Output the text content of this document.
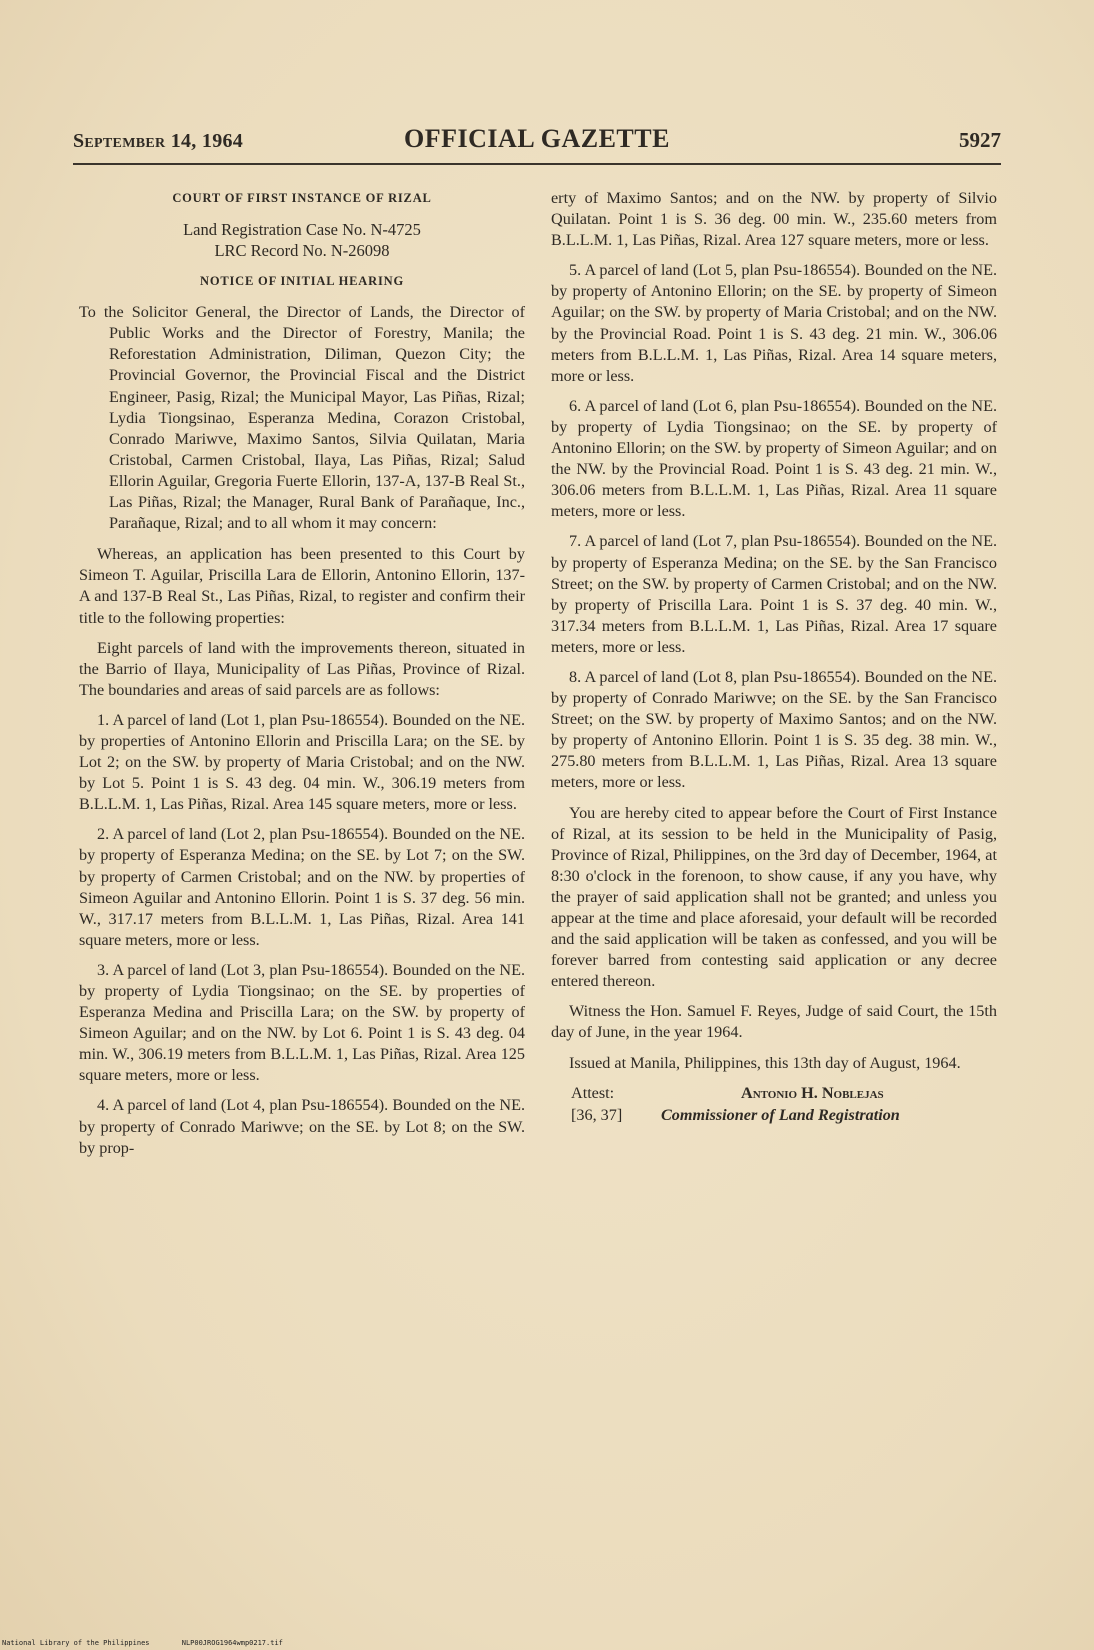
September 14, 1964	OFFICIAL GAZETTE	5927
COURT OF FIRST INSTANCE OF RIZAL
Land Registration Case No. N-4725
LRC Record No. N-26098
NOTICE OF INITIAL HEARING
To the Solicitor General, the Director of Lands, the Director of Public Works and the Director of Forestry, Manila; the Reforestation Administration, Diliman, Quezon City; the Provincial Governor, the Provincial Fiscal and the District Engineer, Pasig, Rizal; the Municipal Mayor, Las Piñas, Rizal; Lydia Tiongsinao, Esperanza Medina, Corazon Cristobal, Conrado Mariwve, Maximo Santos, Silvia Quilatan, Maria Cristobal, Carmen Cristobal, Ilaya, Las Piñas, Rizal; Salud Ellorin Aguilar, Gregoria Fuerte Ellorin, 137-A, 137-B Real St., Las Piñas, Rizal; the Manager, Rural Bank of Parañaque, Inc., Parañaque, Rizal; and to all whom it may concern:

Whereas, an application has been presented to this Court by Simeon T. Aguilar, Priscilla Lara de Ellorin, Antonino Ellorin, 137-A and 137-B Real St., Las Piñas, Rizal, to register and confirm their title to the following properties:

Eight parcels of land with the improvements thereon, situated in the Barrio of Ilaya, Municipality of Las Piñas, Province of Rizal. The boundaries and areas of said parcels are as follows:

1. A parcel of land (Lot 1, plan Psu-186554). Bounded on the NE. by properties of Antonino Ellorin and Priscilla Lara; on the SE. by Lot 2; on the SW. by property of Maria Cristobal; and on the NW. by Lot 5. Point 1 is S. 43 deg. 04 min. W., 306.19 meters from B.L.L.M. 1, Las Piñas, Rizal. Area 145 square meters, more or less.

2. A parcel of land (Lot 2, plan Psu-186554). Bounded on the NE. by property of Esperanza Medina; on the SE. by Lot 7; on the SW. by property of Carmen Cristobal; and on the NW. by properties of Simeon Aguilar and Antonino Ellorin. Point 1 is S. 37 deg. 56 min. W., 317.17 meters from B.L.L.M. 1, Las Piñas, Rizal. Area 141 square meters, more or less.

3. A parcel of land (Lot 3, plan Psu-186554). Bounded on the NE. by property of Lydia Tiongsinao; on the SE. by properties of Esperanza Medina and Priscilla Lara; on the SW. by property of Simeon Aguilar; and on the NW. by Lot 6. Point 1 is S. 43 deg. 04 min. W., 306.19 meters from B.L.L.M. 1, Las Piñas, Rizal. Area 125 square meters, more or less.

4. A parcel of land (Lot 4, plan Psu-186554). Bounded on the NE. by property of Conrado Mariwve; on the SE. by Lot 8; on the SW. by prop-

erty of Maximo Santos; and on the NW. by property of Silvio Quilatan. Point 1 is S. 36 deg. 00 min. W., 235.60 meters from B.L.L.M. 1, Las Piñas, Rizal. Area 127 square meters, more or less.

5. A parcel of land (Lot 5, plan Psu-186554). Bounded on the NE. by property of Antonino Ellorin; on the SE. by property of Simeon Aguilar; on the SW. by property of Maria Cristobal; and on the NW. by the Provincial Road. Point 1 is S. 43 deg. 21 min. W., 306.06 meters from B.L.L.M. 1, Las Piñas, Rizal. Area 14 square meters, more or less.

6. A parcel of land (Lot 6, plan Psu-186554). Bounded on the NE. by property of Lydia Tiongsinao; on the SE. by property of Antonino Ellorin; on the SW. by property of Simeon Aguilar; and on the NW. by the Provincial Road. Point 1 is S. 43 deg. 21 min. W., 306.06 meters from B.L.L.M. 1, Las Piñas, Rizal. Area 11 square meters, more or less.

7. A parcel of land (Lot 7, plan Psu-186554). Bounded on the NE. by property of Esperanza Medina; on the SE. by the San Francisco Street; on the SW. by property of Carmen Cristobal; and on the NW. by property of Priscilla Lara. Point 1 is S. 37 deg. 40 min. W., 317.34 meters from B.L.L.M. 1, Las Piñas, Rizal. Area 17 square meters, more or less.

8. A parcel of land (Lot 8, plan Psu-186554). Bounded on the NE. by property of Conrado Mariwve; on the SE. by the San Francisco Street; on the SW. by property of Maximo Santos; and on the NW. by property of Antonino Ellorin. Point 1 is S. 35 deg. 38 min. W., 275.80 meters from B.L.L.M. 1, Las Piñas, Rizal. Area 13 square meters, more or less.

You are hereby cited to appear before the Court of First Instance of Rizal, at its session to be held in the Municipality of Pasig, Province of Rizal, Philippines, on the 3rd day of December, 1964, at 8:30 o'clock in the forenoon, to show cause, if any you have, why the prayer of said application shall not be granted; and unless you appear at the time and place aforesaid, your default will be recorded and the said application will be taken as confessed, and you will be forever barred from contesting said application or any decree entered thereon.

Witness the Hon. Samuel F. Reyes, Judge of said Court, the 15th day of June, in the year 1964.

Issued at Manila, Philippines, this 13th day of August, 1964.

Attest:	Antonio H. Noblejas
[36, 37] Commissioner of Land Registration
National Library of the Philippines	NLP00JROG1964wmp0217.tif
